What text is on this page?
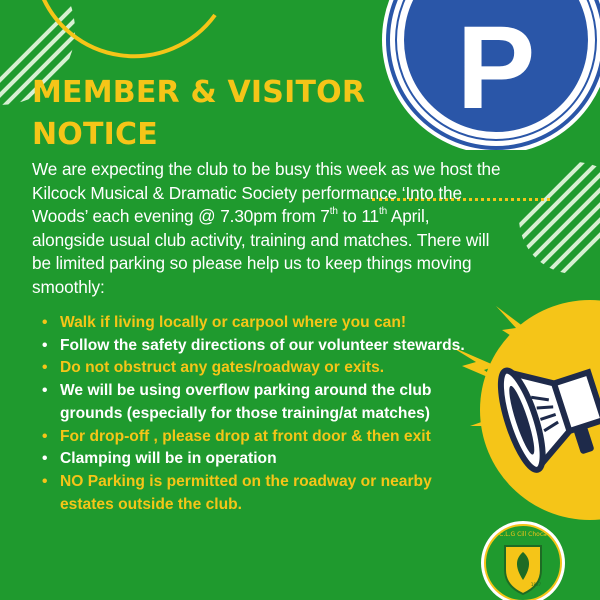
P
C.L.G Cill Choca
1887
MEMBER & VISITOR
NOTICE

We are expecting the club to be busy this week as we host the Kilcock Musical & Dramatic Society performance ‘Into the Woods’ each evening @ 7.30pm from 7th to 11th April, alongside usual club activity, training and matches. There will be limited parking so please help us to keep things moving smoothly:

• Walk if living locally or carpool where you can!
• Follow the safety directions of our volunteer stewards.
• Do not obstruct any gates/roadway or exits.
• We will be using overflow parking around the club grounds (especially for those training/at matches)
• For drop-off , please drop at front door & then exit
• Clamping will be in operation
• NO Parking is permitted on the roadway or nearby estates outside the club.
